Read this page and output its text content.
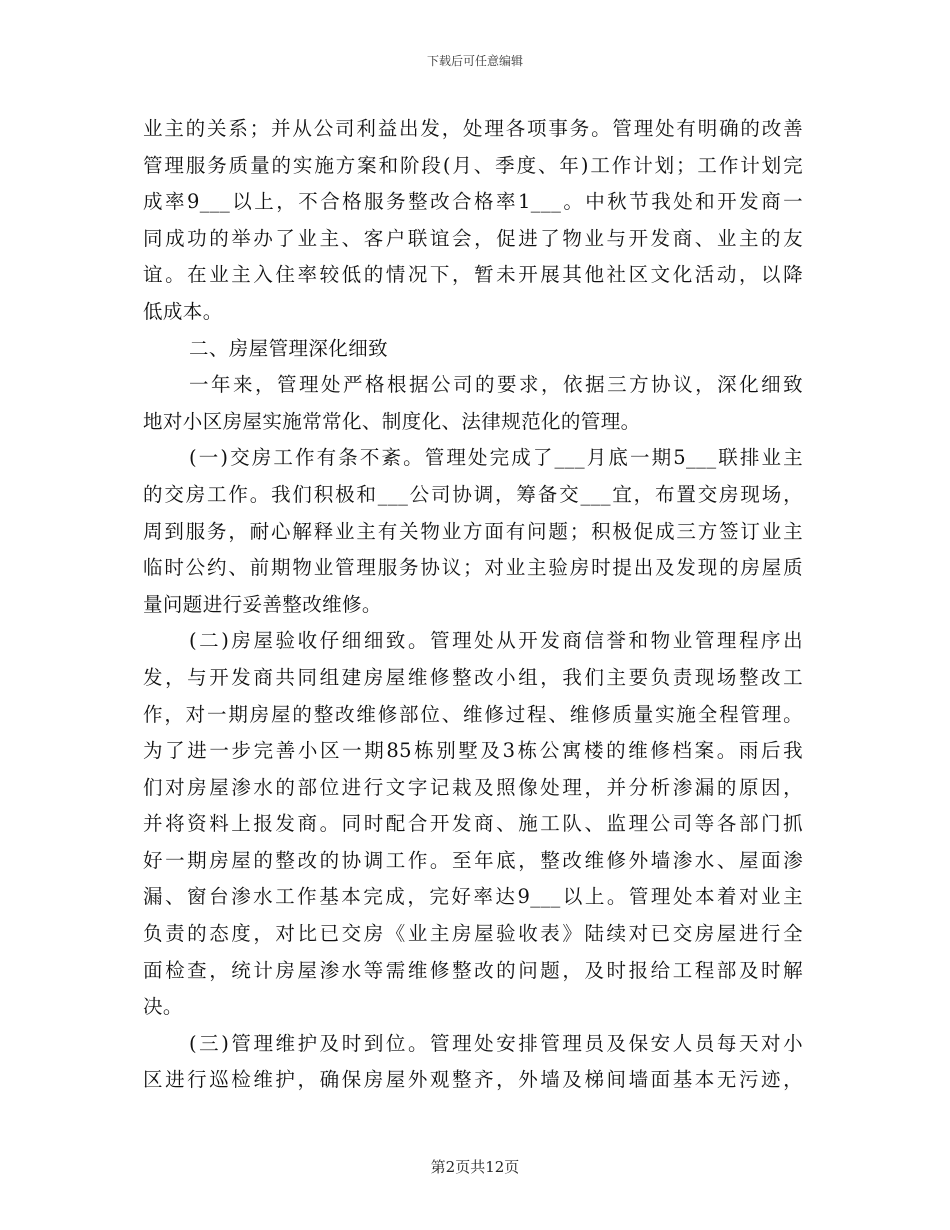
下载后可任意编辑
业主的关系；并从公司利益出发，处理各项事务。管理处有明确的改善
管理服务质量的实施方案和阶段(月、季度、年)工作计划；工作计划完
成率9___以上，不合格服务整改合格率1___。中秋节我处和开发商一
同成功的举办了业主、客户联谊会，促进了物业与开发商、业主的友
谊。在业主入住率较低的情况下，暂未开展其他社区文化活动，以降
低成本。
二、房屋管理深化细致
一年来，管理处严格根据公司的要求，依据三方协议，深化细致
地对小区房屋实施常常化、制度化、法律规范化的管理。
(一)交房工作有条不紊。管理处完成了___月底一期5___联排业主
的交房工作。我们积极和___公司协调，筹备交___宜，布置交房现场，
周到服务，耐心解释业主有关物业方面有问题；积极促成三方签订业主
临时公约、前期物业管理服务协议；对业主验房时提出及发现的房屋质
量问题进行妥善整改维修。
(二)房屋验收仔细细致。管理处从开发商信誉和物业管理程序出
发，与开发商共同组建房屋维修整改小组，我们主要负责现场整改工
作，对一期房屋的整改维修部位、维修过程、维修质量实施全程管理。
为了进一步完善小区一期85栋别墅及3栋公寓楼的维修档案。雨后我
们对房屋渗水的部位进行文字记栽及照像处理，并分析渗漏的原因，
并将资料上报发商。同时配合开发商、施工队、监理公司等各部门抓
好一期房屋的整改的协调工作。至年底，整改维修外墙渗水、屋面渗
漏、窗台渗水工作基本完成，完好率达9___以上。管理处本着对业主
负责的态度，对比已交房《业主房屋验收表》陆续对已交房屋进行全
面检查，统计房屋渗水等需维修整改的问题，及时报给工程部及时解
决。
(三)管理维护及时到位。管理处安排管理员及保安人员每天对小
区进行巡检维护，确保房屋外观整齐，外墙及梯间墙面基本无污迹，
第2页共12页
